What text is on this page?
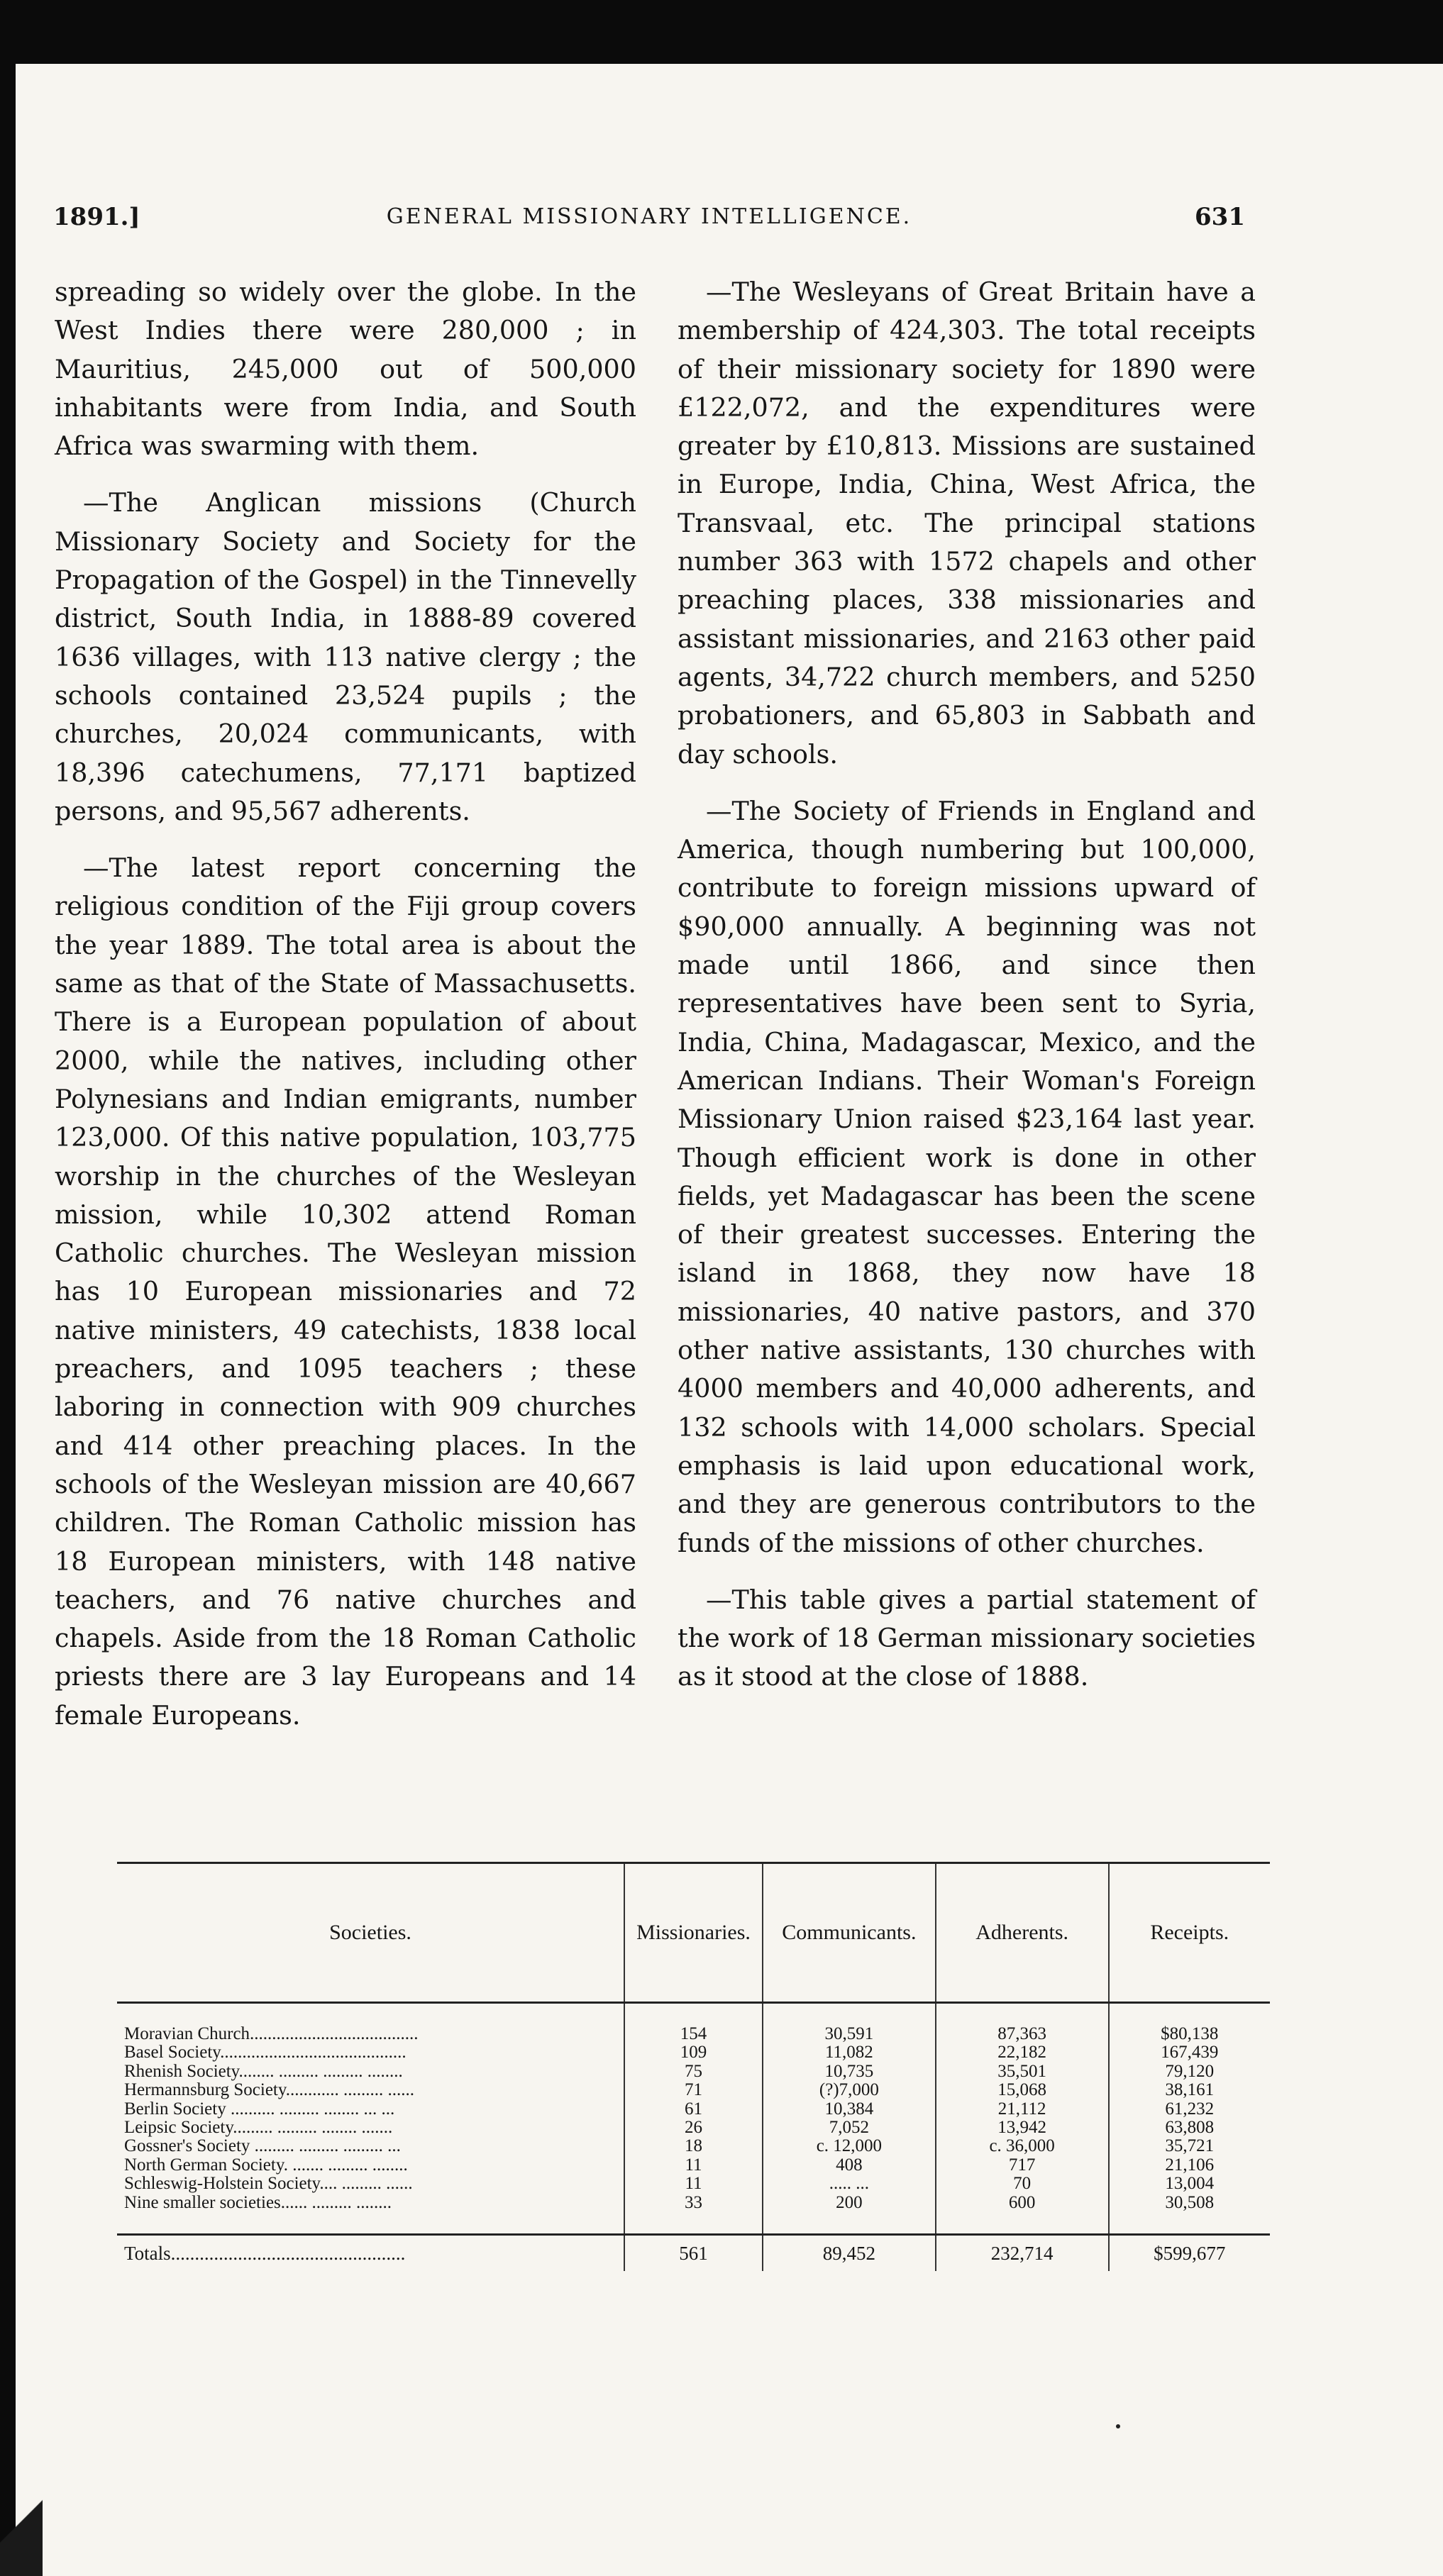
1891.]	GENERAL MISSIONARY INTELLIGENCE.	631

spreading so widely over the globe. In the West Indies there were 280,000 ; in Mauritius, 245,000 out of 500,000 inhabitants were from India, and South Africa was swarming with them.

—The Anglican missions (Church Missionary Society and Society for the Propagation of the Gospel) in the Tinnevelly district, South India, in 1888-89 covered 1636 villages, with 113 native clergy ; the schools contained 23,524 pupils ; the churches, 20,024 communicants, with 18,396 catechumens, 77,171 baptized persons, and 95,567 adherents.

—The latest report concerning the religious condition of the Fiji group covers the year 1889. The total area is about the same as that of the State of Massachusetts. There is a European population of about 2000, while the natives, including other Polynesians and Indian emigrants, number 123,000. Of this native population, 103,775 worship in the churches of the Wesleyan mission, while 10,302 attend Roman Catholic churches. The Wesleyan mission has 10 European missionaries and 72 native ministers, 49 catechists, 1838 local preachers, and 1095 teachers ; these laboring in connection with 909 churches and 414 other preaching places. In the schools of the Wesleyan mission are 40,667 children. The Roman Catholic mission has 18 European ministers, with 148 native teachers, and 76 native churches and chapels. Aside from the 18 Roman Catholic priests there are 3 lay Europeans and 14 female Europeans.

—The Wesleyans of Great Britain have a membership of 424,303. The total receipts of their missionary society for 1890 were £122,072, and the expenditures were greater by £10,813. Missions are sustained in Europe, India, China, West Africa, the Transvaal, etc. The principal stations number 363 with 1572 chapels and other preaching places, 338 missionaries and assistant missionaries, and 2163 other paid agents, 34,722 church members, and 5250 probationers, and 65,803 in Sabbath and day schools.

—The Society of Friends in England and America, though numbering but 100,000, contribute to foreign missions upward of $90,000 annually. A beginning was not made until 1866, and since then representatives have been sent to Syria, India, China, Madagascar, Mexico, and the American Indians. Their Woman's Foreign Missionary Union raised $23,164 last year. Though efficient work is done in other fields, yet Madagascar has been the scene of their greatest successes. Entering the island in 1868, they now have 18 missionaries, 40 native pastors, and 370 other native assistants, 130 churches with 4000 members and 40,000 adherents, and 132 schools with 14,000 scholars. Special emphasis is laid upon educational work, and they are generous contributors to the funds of the missions of other churches.

—This table gives a partial statement of the work of 18 German missionary societies as it stood at the close of 1888.

Societies.	Missionaries.	Communicants.	Adherents.	Receipts.
Moravian Church......................................	154	30,591	87,363	$80,138
Basel Society..........................................	109	11,082	22,182	167,439
Rhenish Society........ ......... ......... ........	75	10,735	35,501	79,120
Hermannsburg Society............ ......... ......	71	(?)7,000	15,068	38,161
Berlin Society .......... ......... ........ ... ...	61	10,384	21,112	61,232
Leipsic Society......... ......... ........ .......	26	7,052	13,942	63,808
Gossner's Society ......... ......... ......... ...	18	c. 12,000	c. 36,000	35,721
North German Society. ....... ......... ........	11	408	717	21,106
Schleswig-Holstein Society.... ......... ......	11	..... ...	70	13,004
Nine smaller societies...... ......... ........	33	200	600	30,508

Totals.................................................	561	89,452	232,714	$599,677
